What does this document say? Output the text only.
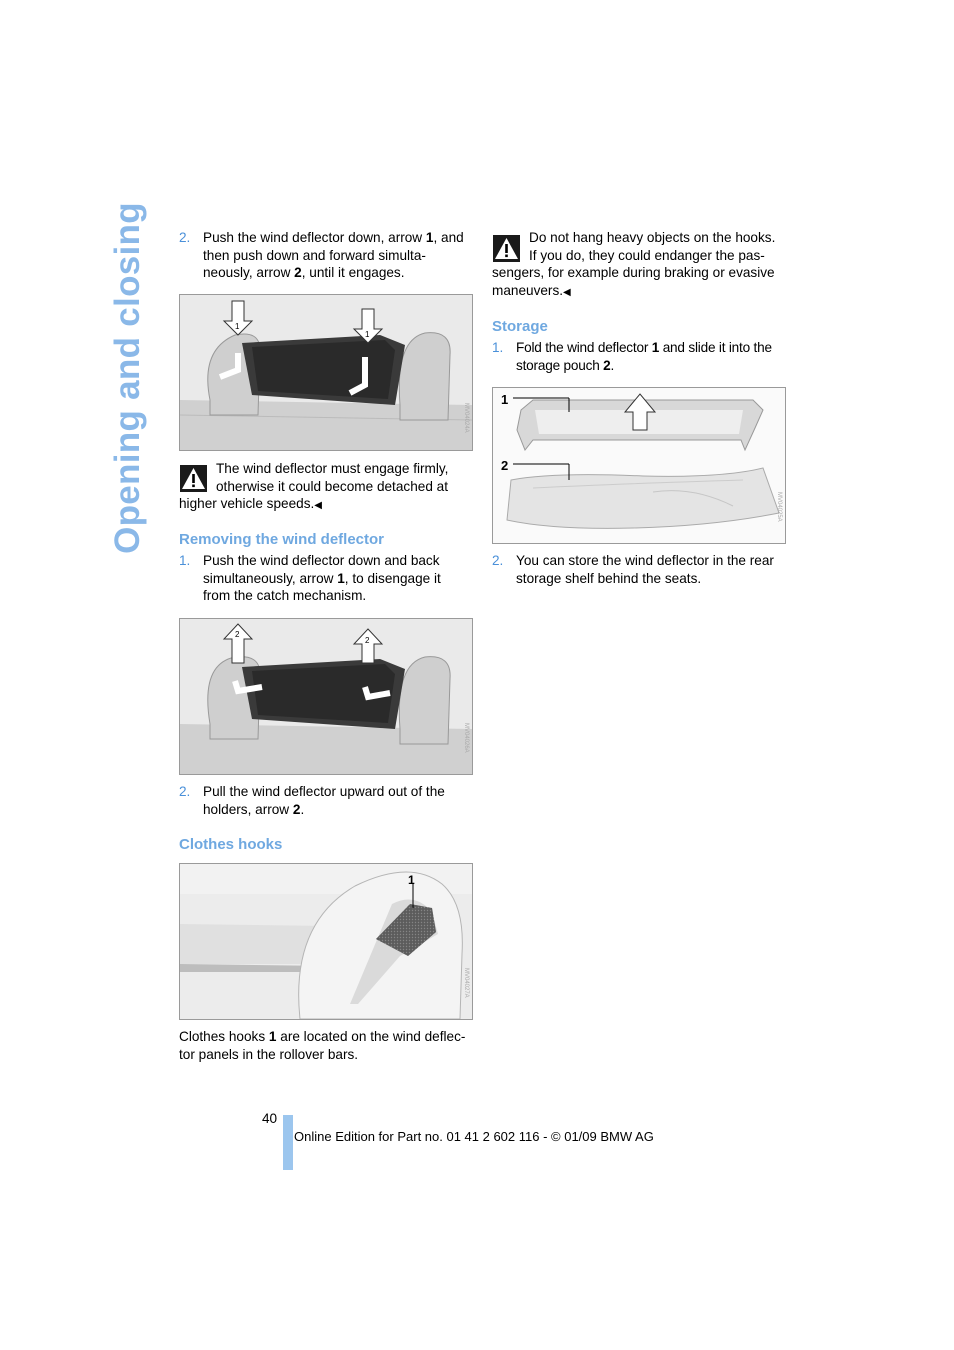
Opening and closing 2. Push the wind deflector down, arrow 1, and
then push down and forward simulta-
neously, arrow 2, until it engages.
1
1
MV04024A
The wind deflector must engage firmly,
otherwise it could become detached at
higher vehicle speeds.◀
Removing the wind deflector
1. Push the wind deflector down and back
simultaneously, arrow 1, to disengage it
from the catch mechanism.
2
2
MV04026A
2. Pull the wind deflector upward out of the
holders, arrow 2.
Clothes hooks
1
MV04027A
Clothes hooks 1 are located on the wind deflec-
tor panels in the rollover bars.
Do not hang heavy objects on the hooks.
If you do, they could endanger the pas-
sengers, for example during braking or evasive
maneuvers.◀
Storage
1. Fold the wind deflector 1 and slide it into the
storage pouch 2.
1
2
MV04025A
2. You can store the wind deflector in the rear
storage shelf behind the seats.
40
Online Edition for Part no. 01 41 2 602 116 - © 01/09 BMW AG
